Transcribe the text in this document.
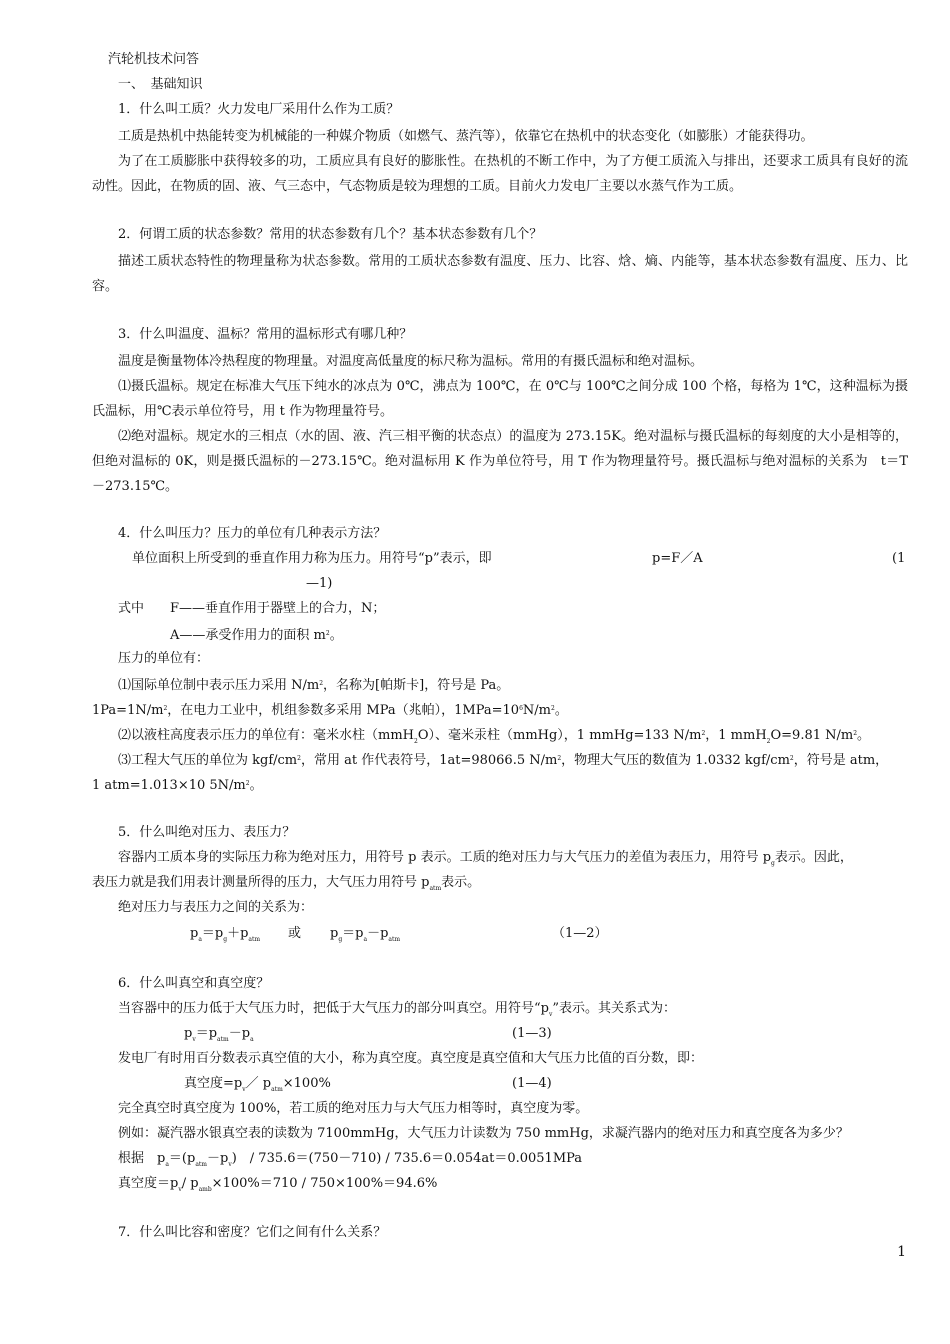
汽轮机技术问答
一、　基础知识
1．什么叫工质？火力发电厂采用什么作为工质？
工质是热机中热能转变为机械能的一种媒介物质（如燃气、蒸汽等），依靠它在热机中的状态变化（如膨胀）才能获得功。
为了在工质膨胀中获得较多的功，工质应具有良好的膨胀性。在热机的不断工作中，为了方便工质流入与排出，还要求工质具有良好的流动性。因此，在物质的固、液、气三态中，气态物质是较为理想的工质。目前火力发电厂主要以水蒸气作为工质。
2．何谓工质的状态参数？常用的状态参数有几个？基本状态参数有几个？
描述工质状态特性的物理量称为状态参数。常用的工质状态参数有温度、压力、比容、焓、熵、内能等，基本状态参数有温度、压力、比容。
3．什么叫温度、温标？常用的温标形式有哪几种？
温度是衡量物体冷热程度的物理量。对温度高低量度的标尺称为温标。常用的有摄氏温标和绝对温标。
⑴摄氏温标。规定在标准大气压下纯水的冰点为 0℃，沸点为 100℃，在 0℃与 100℃之间分成 100 个格，每格为 1℃，这种温标为摄氏温标，用℃表示单位符号，用 t 作为物理量符号。
⑵绝对温标。规定水的三相点（水的固、液、汽三相平衡的状态点）的温度为 273.15K。绝对温标与摄氏温标的每刻度的大小是相等的，但绝对温标的 0K，则是摄氏温标的－273.15℃。绝对温标用 K 作为单位符号，用 T 作为物理量符号。摄氏温标与绝对温标的关系为　t＝T－273.15℃。
4．什么叫压力？压力的单位有几种表示方法？
单位面积上所受到的垂直作用力称为压力。用符号“p”表示，即	p=F／A	(1
—1)
式中 F——垂直作用于器壁上的合力，N；
A——承受作用力的面积 $m^2$。
压力的单位有：
⑴国际单位制中表示压力采用 $N/m^2$，名称为[帕斯卡]，符号是 Pa。
$1Pa=1N/m^2$，在电力工业中，机组参数多采用 MPa（兆帕），$1MPa=10^6N/m^2$。
⑵以液柱高度表示压力的单位有：毫米水柱（mmH$_2$O）、毫米汞柱（mmHg），1 mmHg=133 $N/m^2$，1 mmH$_2$O=9.81 $N/m^2$。
⑶工程大气压的单位为 kgf/$cm^2$，常用 at 作代表符号，1at=98066.5 $N/m^2$，物理大气压的数值为 1.0332 kgf/$cm^2$，符号是 atm，
1 atm=1.013×10 $5N/m^2$。
5．什么叫绝对压力、表压力？
容器内工质本身的实际压力称为绝对压力，用符号 p 表示。工质的绝对压力与大气压力的差值为表压力，用符号 $p_g$表示。因此，
表压力就是我们用表计测量所得的压力，大气压力用符号 $p_{atm}$表示。
绝对压力与表压力之间的关系为：
$p_a=p_g+p_{atm}$ 或 $p_g=p_a-p_{atm}$	（1—2）
6．什么叫真空和真空度？
当容器中的压力低于大气压力时，把低于大气压力的部分叫真空。用符号“$p_v$”表示。其关系式为：
$p_v=p_{atm}-p_a$	(1—3)
发电厂有时用百分数表示真空值的大小，称为真空度。真空度是真空值和大气压力比值的百分数，即：
真空度$=p_v/$ $p_{atm}\times 100\%$	(1—4)
完全真空时真空度为 100%，若工质的绝对压力与大气压力相等时，真空度为零。
例如：凝汽器水银真空表的读数为 7100mmHg，大气压力计读数为 750 mmHg，求凝汽器内的绝对压力和真空度各为多少？
根据　$p_a=(p_{atm}-p_v)$　/ 735.6＝(750－710) / 735.6＝0.054at＝0.0051MPa
真空度$=p_v/$ $p_{amb}\times 100\%=710 / 750\times 100\%=94.6\%$
7．什么叫比容和密度？它们之间有什么关系？
1
